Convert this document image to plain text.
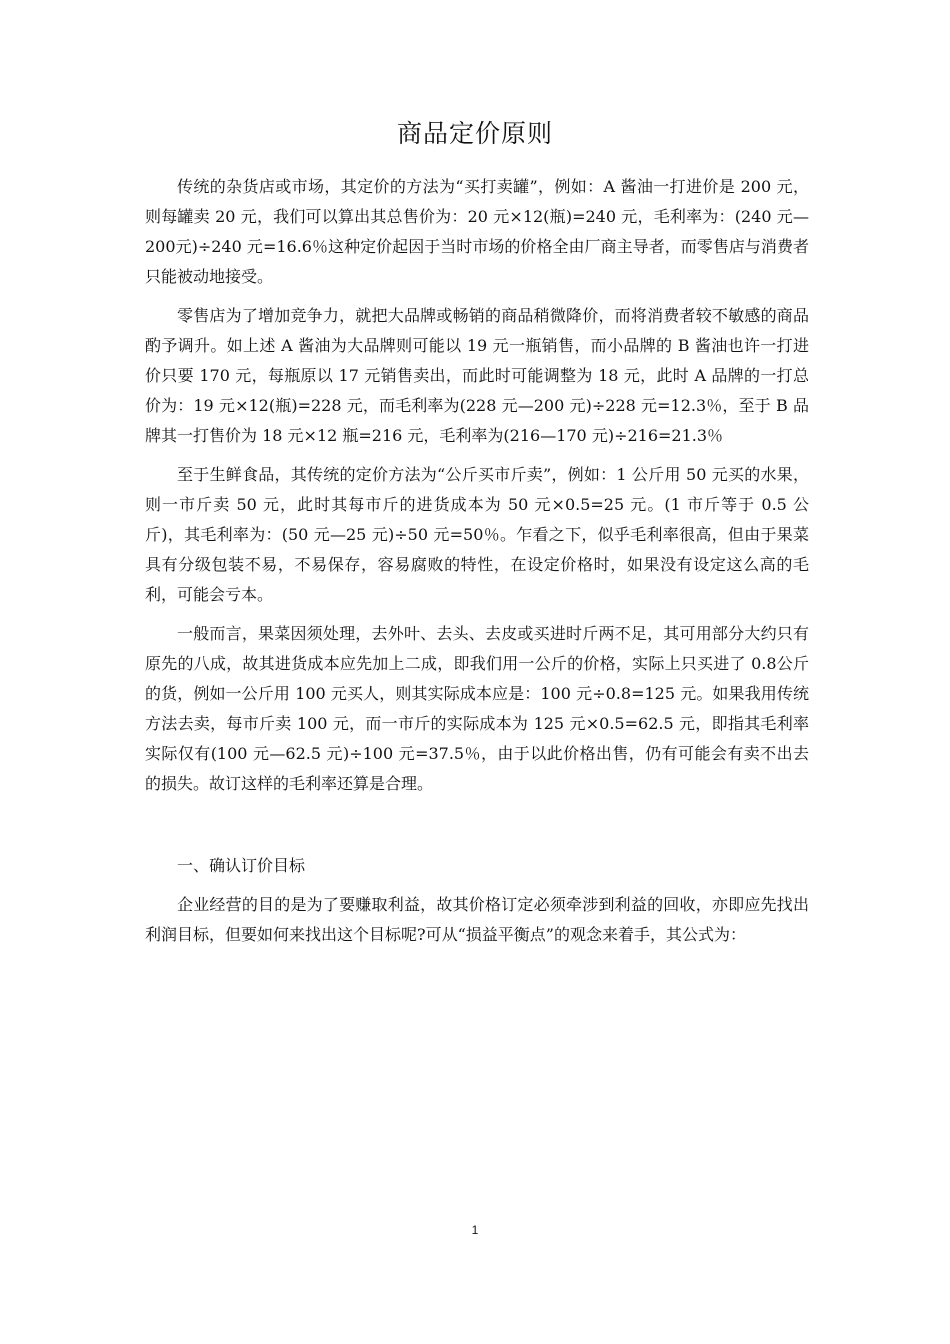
商品定价原则

传统的杂货店或市场，其定价的方法为“买打卖罐”，例如：A 酱油一打进价是 200 元，则每罐卖 20 元，我们可以算出其总售价为：20 元×12(瓶)=240 元，毛利率为：(240 元—200元)÷240 元=16.6％这种定价起因于当时市场的价格全由厂商主导者，而零售店与消费者只能被动地接受。

零售店为了增加竞争力，就把大品牌或畅销的商品稍微降价，而将消费者较不敏感的商品酌予调升。如上述 A 酱油为大品牌则可能以 19 元一瓶销售，而小品牌的 B 酱油也许一打进价只要 170 元，每瓶原以 17 元销售卖出，而此时可能调整为 18 元，此时 A 品牌的一打总价为：19 元×12(瓶)=228 元，而毛利率为(228 元—200 元)÷228 元=12.3％，至于 B 品牌其一打售价为 18 元×12 瓶=216 元，毛利率为(216—170 元)÷216=21.3％

至于生鲜食品，其传统的定价方法为“公斤买市斤卖”，例如：1 公斤用 50 元买的水果，则一市斤卖 50 元，此时其每市斤的进货成本为 50 元×0.5=25 元。(1 市斤等于 0.5 公斤)，其毛利率为：(50 元—25 元)÷50 元=50％。乍看之下，似乎毛利率很高，但由于果菜具有分级包装不易，不易保存，容易腐败的特性，在设定价格时，如果没有设定这么高的毛利，可能会亏本。

一般而言，果菜因须处理，去外叶、去头、去皮或买进时斤两不足，其可用部分大约只有原先的八成，故其进货成本应先加上二成，即我们用一公斤的价格，实际上只买进了 0.8公斤的货，例如一公斤用 100 元买人，则其实际成本应是：100 元÷0.8=125 元。如果我用传统方法去卖，每市斤卖 100 元，而一市斤的实际成本为 125 元×0.5=62.5 元，即指其毛利率实际仅有(100 元—62.5 元)÷100 元=37.5％，由于以此价格出售，仍有可能会有卖不出去的损失。故订这样的毛利率还算是合理。

一、确认订价目标

企业经营的目的是为了要赚取利益，故其价格订定必须牵涉到利益的回收，亦即应先找出利润目标，但要如何来找出这个目标呢?可从“损益平衡点”的观念来着手，其公式为：

1
